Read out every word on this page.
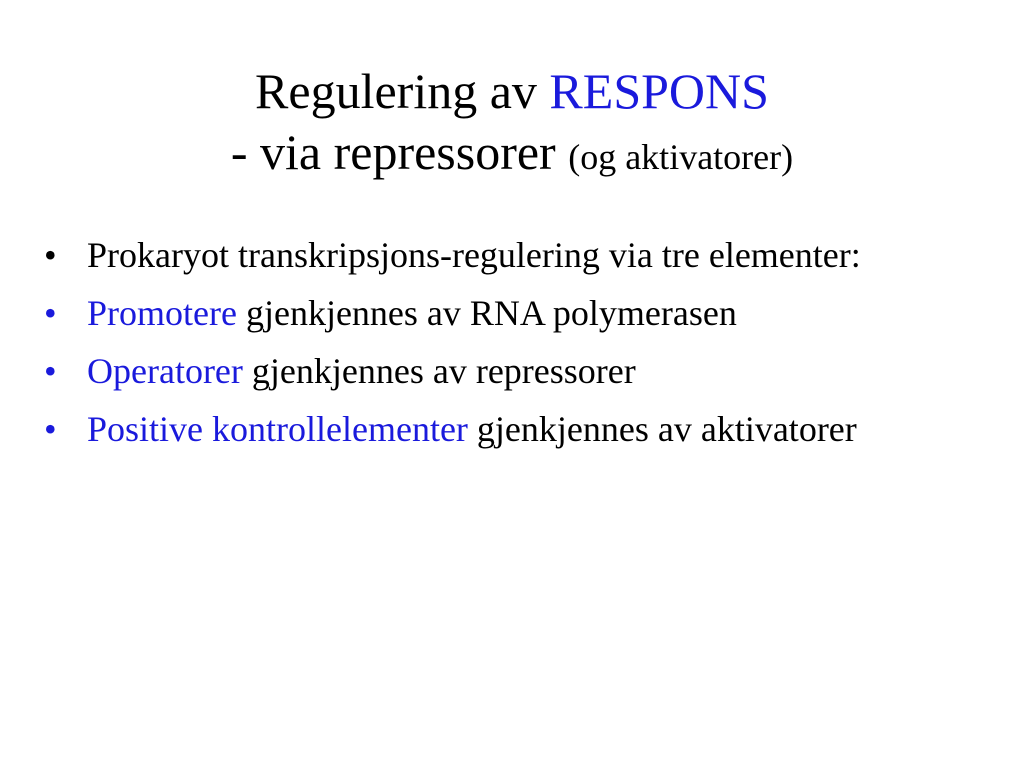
Regulering av RESPONS
- via repressorer (og aktivatorer)
• Prokaryot transkripsjons-regulering via tre elementer:
• Promotere gjenkjennes av RNA polymerasen
• Operatorer gjenkjennes av repressorer
• Positive kontrollelementer gjenkjennes av aktivatorer
